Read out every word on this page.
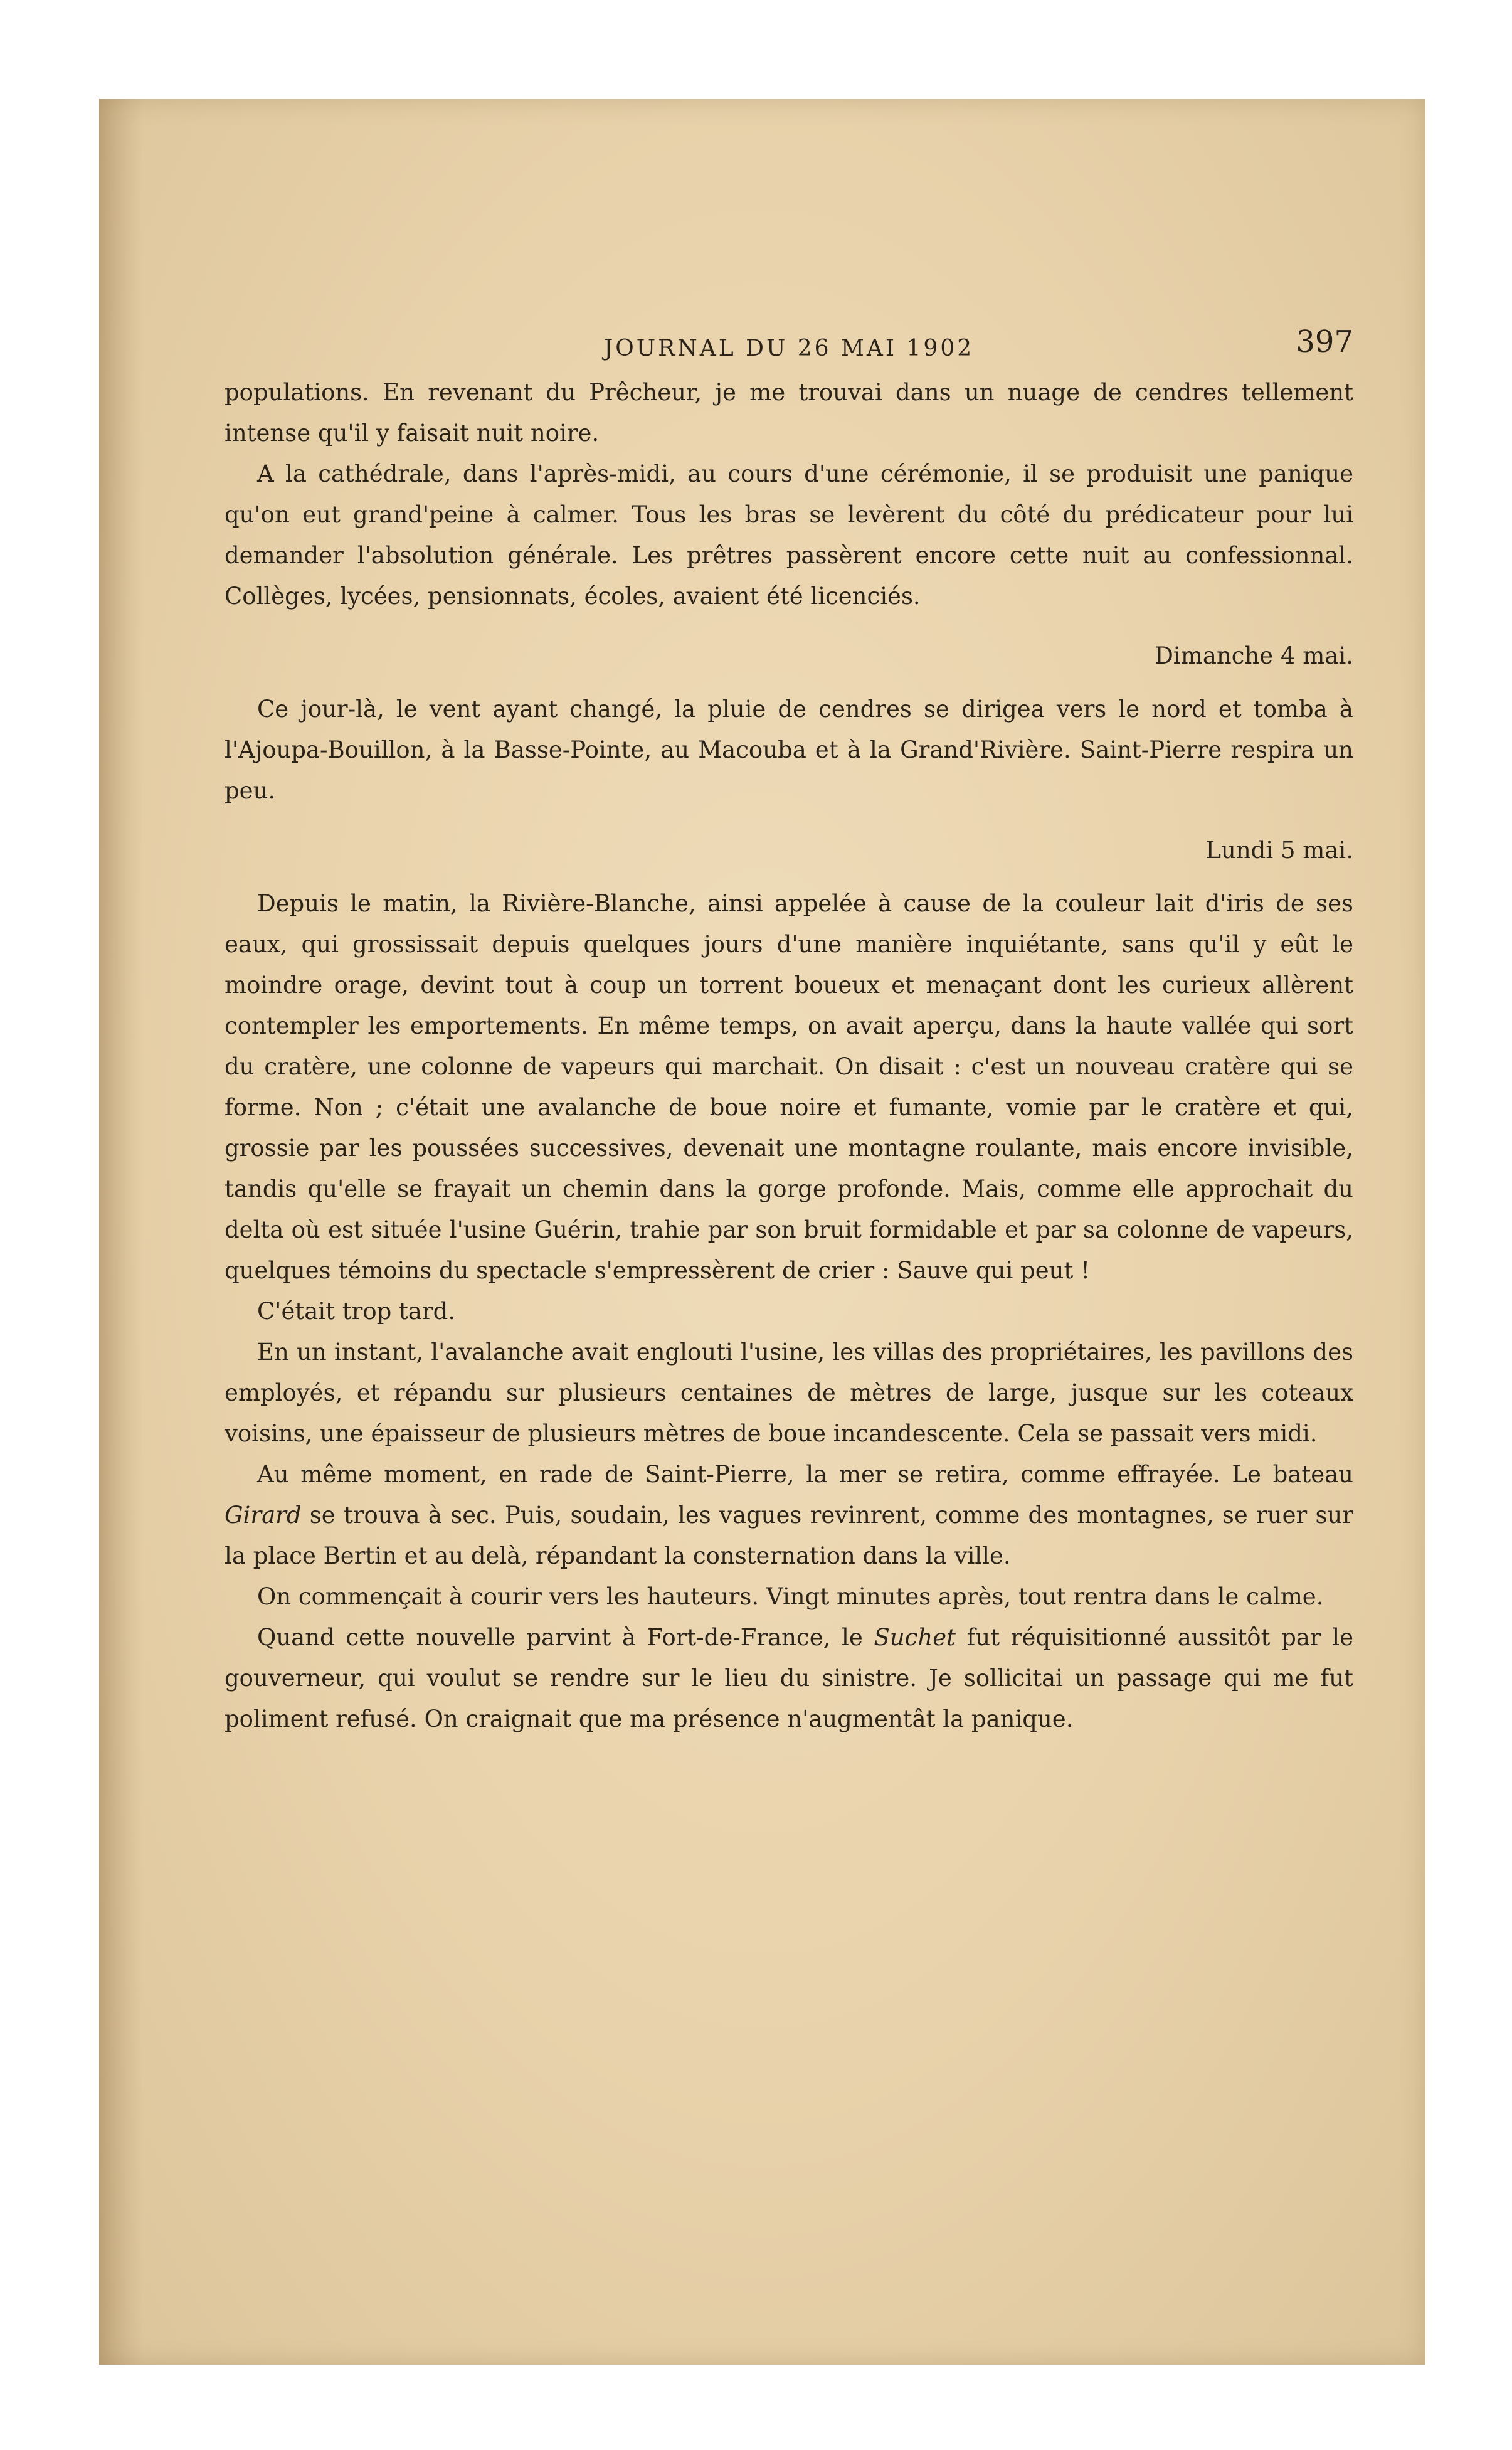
JOURNAL DU 26 MAI 1902	397

populations. En revenant du Prêcheur, je me trouvai dans un nuage de cendres tellement intense qu'il y faisait nuit noire.

A la cathédrale, dans l'après-midi, au cours d'une cérémonie, il se produisit une panique qu'on eut grand'peine à calmer. Tous les bras se levèrent du côté du prédicateur pour lui demander l'absolution générale. Les prêtres passèrent encore cette nuit au confessionnal. Collèges, lycées, pensionnats, écoles, avaient été licenciés.

Dimanche 4 mai.

Ce jour-là, le vent ayant changé, la pluie de cendres se dirigea vers le nord et tomba à l'Ajoupa-Bouillon, à la Basse-Pointe, au Macouba et à la Grand'Rivière. Saint-Pierre respira un peu.

Lundi 5 mai.

Depuis le matin, la Rivière-Blanche, ainsi appelée à cause de la couleur lait d'iris de ses eaux, qui grossissait depuis quelques jours d'une manière inquiétante, sans qu'il y eût le moindre orage, devint tout à coup un torrent boueux et menaçant dont les curieux allèrent contempler les emportements. En même temps, on avait aperçu, dans la haute vallée qui sort du cratère, une colonne de vapeurs qui marchait. On disait : c'est un nouveau cratère qui se forme. Non ; c'était une avalanche de boue noire et fumante, vomie par le cratère et qui, grossie par les poussées successives, devenait une montagne roulante, mais encore invisible, tandis qu'elle se frayait un chemin dans la gorge profonde. Mais, comme elle approchait du delta où est située l'usine Guérin, trahie par son bruit formidable et par sa colonne de vapeurs, quelques témoins du spectacle s'empressèrent de crier : Sauve qui peut !

C'était trop tard.

En un instant, l'avalanche avait englouti l'usine, les villas des propriétaires, les pavillons des employés, et répandu sur plusieurs centaines de mètres de large, jusque sur les coteaux voisins, une épaisseur de plusieurs mètres de boue incandescente. Cela se passait vers midi.

Au même moment, en rade de Saint-Pierre, la mer se retira, comme effrayée. Le bateau Girard se trouva à sec. Puis, soudain, les vagues revinrent, comme des montagnes, se ruer sur la place Bertin et au delà, répandant la consternation dans la ville.

On commençait à courir vers les hauteurs. Vingt minutes après, tout rentra dans le calme.

Quand cette nouvelle parvint à Fort-de-France, le Suchet fut réquisitionné aussitôt par le gouverneur, qui voulut se rendre sur le lieu du sinistre. Je sollicitai un passage qui me fut poliment refusé. On craignait que ma présence n'augmentât la panique.
